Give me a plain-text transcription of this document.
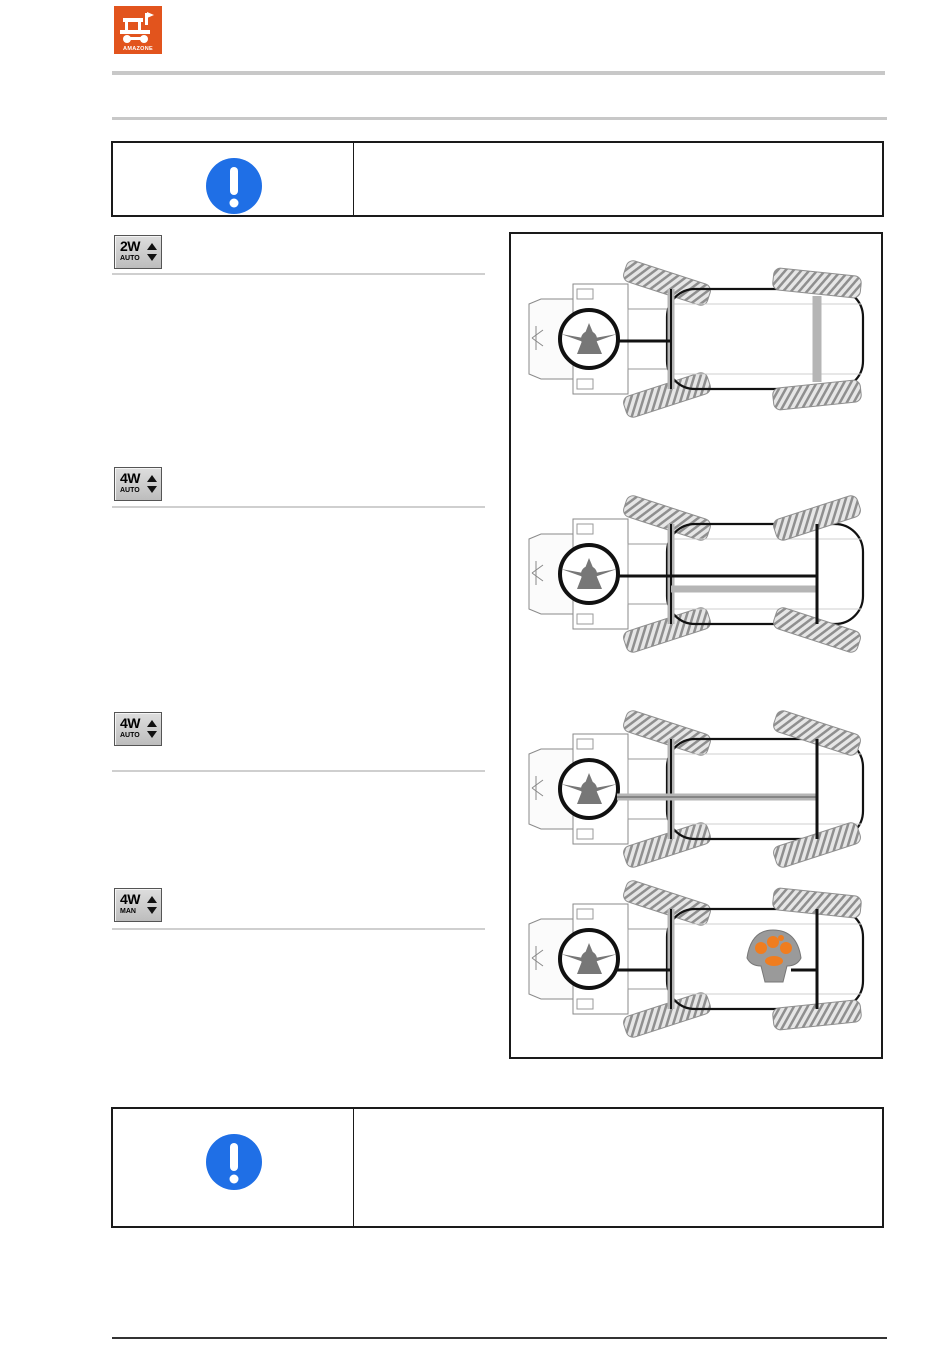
AMAZONE
2W
AUTO
4W
AUTO
4W
AUTO
4W
MAN
